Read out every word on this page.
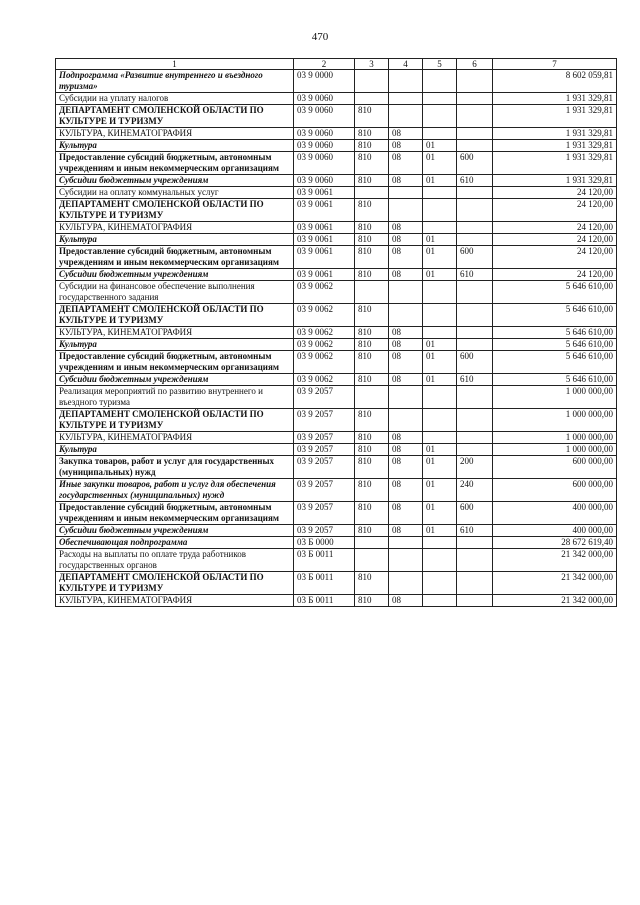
470
1	2	3	4	5	6	7
Подпрограмма «Развитие внутреннего и въездного туризма»	03 9 0000					8 602 059,81
Субсидии на уплату налогов	03 9 0060					1 931 329,81
ДЕПАРТАМЕНТ СМОЛЕНСКОЙ ОБЛАСТИ ПО КУЛЬТУРЕ И ТУРИЗМУ	03 9 0060	810				1 931 329,81
КУЛЬТУРА, КИНЕМАТОГРАФИЯ	03 9 0060	810	08			1 931 329,81
Культура	03 9 0060	810	08	01		1 931 329,81
Предоставление субсидий бюджетным, автономным учреждениям и иным некоммерческим организациям	03 9 0060	810	08	01	600	1 931 329,81
Субсидии бюджетным учреждениям	03 9 0060	810	08	01	610	1 931 329,81
Субсидии на оплату коммунальных услуг	03 9 0061					24 120,00
ДЕПАРТАМЕНТ СМОЛЕНСКОЙ ОБЛАСТИ ПО КУЛЬТУРЕ И ТУРИЗМУ	03 9 0061	810				24 120,00
КУЛЬТУРА, КИНЕМАТОГРАФИЯ	03 9 0061	810	08			24 120,00
Культура	03 9 0061	810	08	01		24 120,00
Предоставление субсидий бюджетным, автономным учреждениям и иным некоммерческим организациям	03 9 0061	810	08	01	600	24 120,00
Субсидии бюджетным учреждениям	03 9 0061	810	08	01	610	24 120,00
Субсидии на финансовое обеспечение выполнения государственного задания	03 9 0062					5 646 610,00
ДЕПАРТАМЕНТ СМОЛЕНСКОЙ ОБЛАСТИ ПО КУЛЬТУРЕ И ТУРИЗМУ	03 9 0062	810				5 646 610,00
КУЛЬТУРА, КИНЕМАТОГРАФИЯ	03 9 0062	810	08			5 646 610,00
Культура	03 9 0062	810	08	01		5 646 610,00
Предоставление субсидий бюджетным, автономным учреждениям и иным некоммерческим организациям	03 9 0062	810	08	01	600	5 646 610,00
Субсидии бюджетным учреждениям	03 9 0062	810	08	01	610	5 646 610,00
Реализация мероприятий по развитию внутреннего и въездного туризма	03 9 2057					1 000 000,00
ДЕПАРТАМЕНТ СМОЛЕНСКОЙ ОБЛАСТИ ПО КУЛЬТУРЕ И ТУРИЗМУ	03 9 2057	810				1 000 000,00
КУЛЬТУРА, КИНЕМАТОГРАФИЯ	03 9 2057	810	08			1 000 000,00
Культура	03 9 2057	810	08	01		1 000 000,00
Закупка товаров, работ и услуг для государственных (муниципальных) нужд	03 9 2057	810	08	01	200	600 000,00
Иные закупки товаров, работ и услуг для обеспечения государственных (муниципальных) нужд	03 9 2057	810	08	01	240	600 000,00
Предоставление субсидий бюджетным, автономным учреждениям и иным некоммерческим организациям	03 9 2057	810	08	01	600	400 000,00
Субсидии бюджетным учреждениям	03 9 2057	810	08	01	610	400 000,00
Обеспечивающая подпрограмма	03 Б 0000					28 672 619,40
Расходы на выплаты по оплате труда работников государственных органов	03 Б 0011					21 342 000,00
ДЕПАРТАМЕНТ СМОЛЕНСКОЙ ОБЛАСТИ ПО КУЛЬТУРЕ И ТУРИЗМУ	03 Б 0011	810				21 342 000,00
КУЛЬТУРА, КИНЕМАТОГРАФИЯ	03 Б 0011	810	08			21 342 000,00
